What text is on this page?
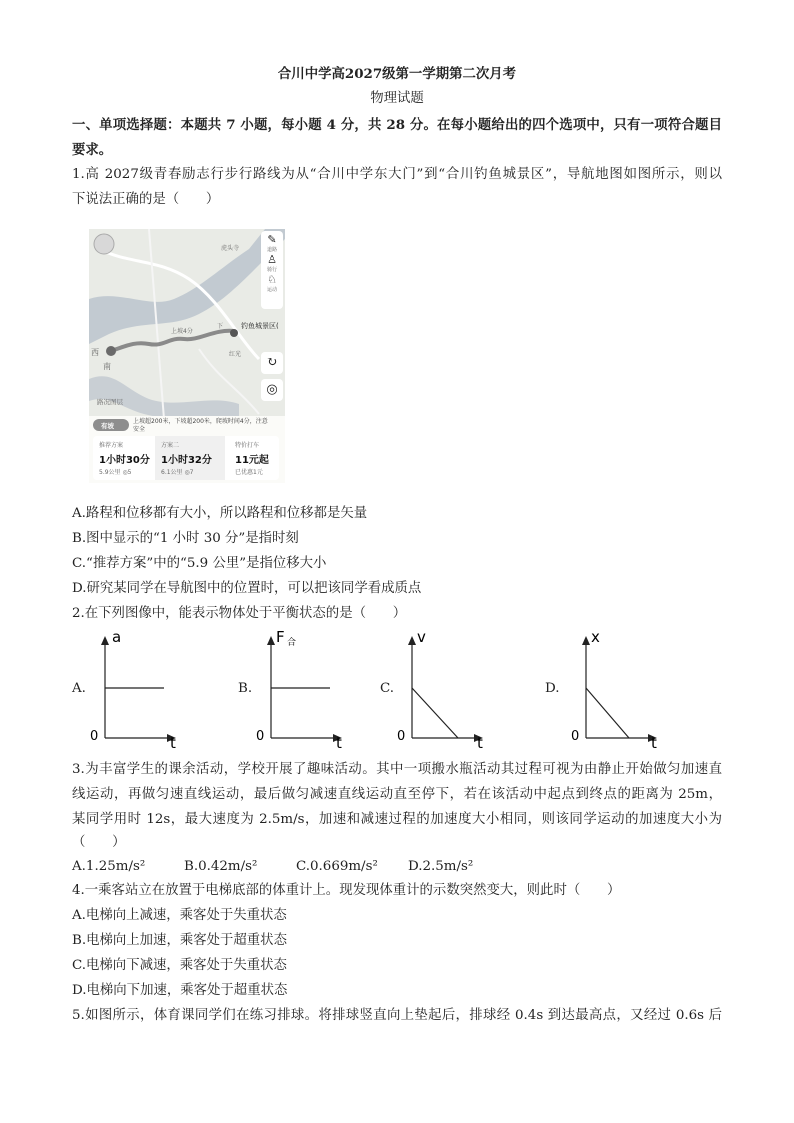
合川中学高2027级第一学期第二次月考
物理试题
一、单项选择题：本题共 7 小题，每小题 4 分，共 28 分。在每小题给出的四个选项中，只有一项符合题目
要求。
1.高 2027级青春励志行步行路线为从“合川中学东大门”到“合川钓鱼城景区”，导航地图如图所示，则以
下说法正确的是（　　）
虎头寺
红光
西
南
上坡4分
下	钓鱼城景区(
路况图层
✎
道路
♙
骑行
♘
运动
↻
◎
有坡
上坡超200米，下坡超200米，爬坡时间4分，注意安全
推荐方案
1小时30分
5.9公里 ◎5
方案二
1小时32分
6.1公里 ◎7
特价打车
11元起
已优惠1元
A.路程和位移都有大小，所以路程和位移都是矢量
B.图中显示的“1 小时 30 分”是指时刻
C.“推荐方案”中的“5.9 公里”是指位移大小
D.研究某同学在导航图中的位置时，可以把该同学看成质点
2.在下列图像中，能表示物体处于平衡状态的是（　　）
A.	B.	C.	D.
a
0	t
F 合
0	t
v
0	t
x
0	t
3.为丰富学生的课余活动，学校开展了趣味活动。其中一项搬水瓶活动其过程可视为由静止开始做匀加速直
线运动，再做匀速直线运动，最后做匀减速直线运动直至停下，若在该活动中起点到终点的距离为 25m，
某同学用时 12s，最大速度为 2.5m/s，加速和减速过程的加速度大小相同，则该同学运动的加速度大小为
（　　）
A.1.25m/s²	B.0.42m/s²	C.0.669m/s² D.2.5m/s²
4.一乘客站立在放置于电梯底部的体重计上。现发现体重计的示数突然变大，则此时（　　）
A.电梯向上减速，乘客处于失重状态
B.电梯向上加速，乘客处于超重状态
C.电梯向下减速，乘客处于失重状态
D.电梯向下加速，乘客处于超重状态
5.如图所示，体育课同学们在练习排球。将排球竖直向上垫起后，排球经 0.4s 到达最高点，又经过 0.6s 后
